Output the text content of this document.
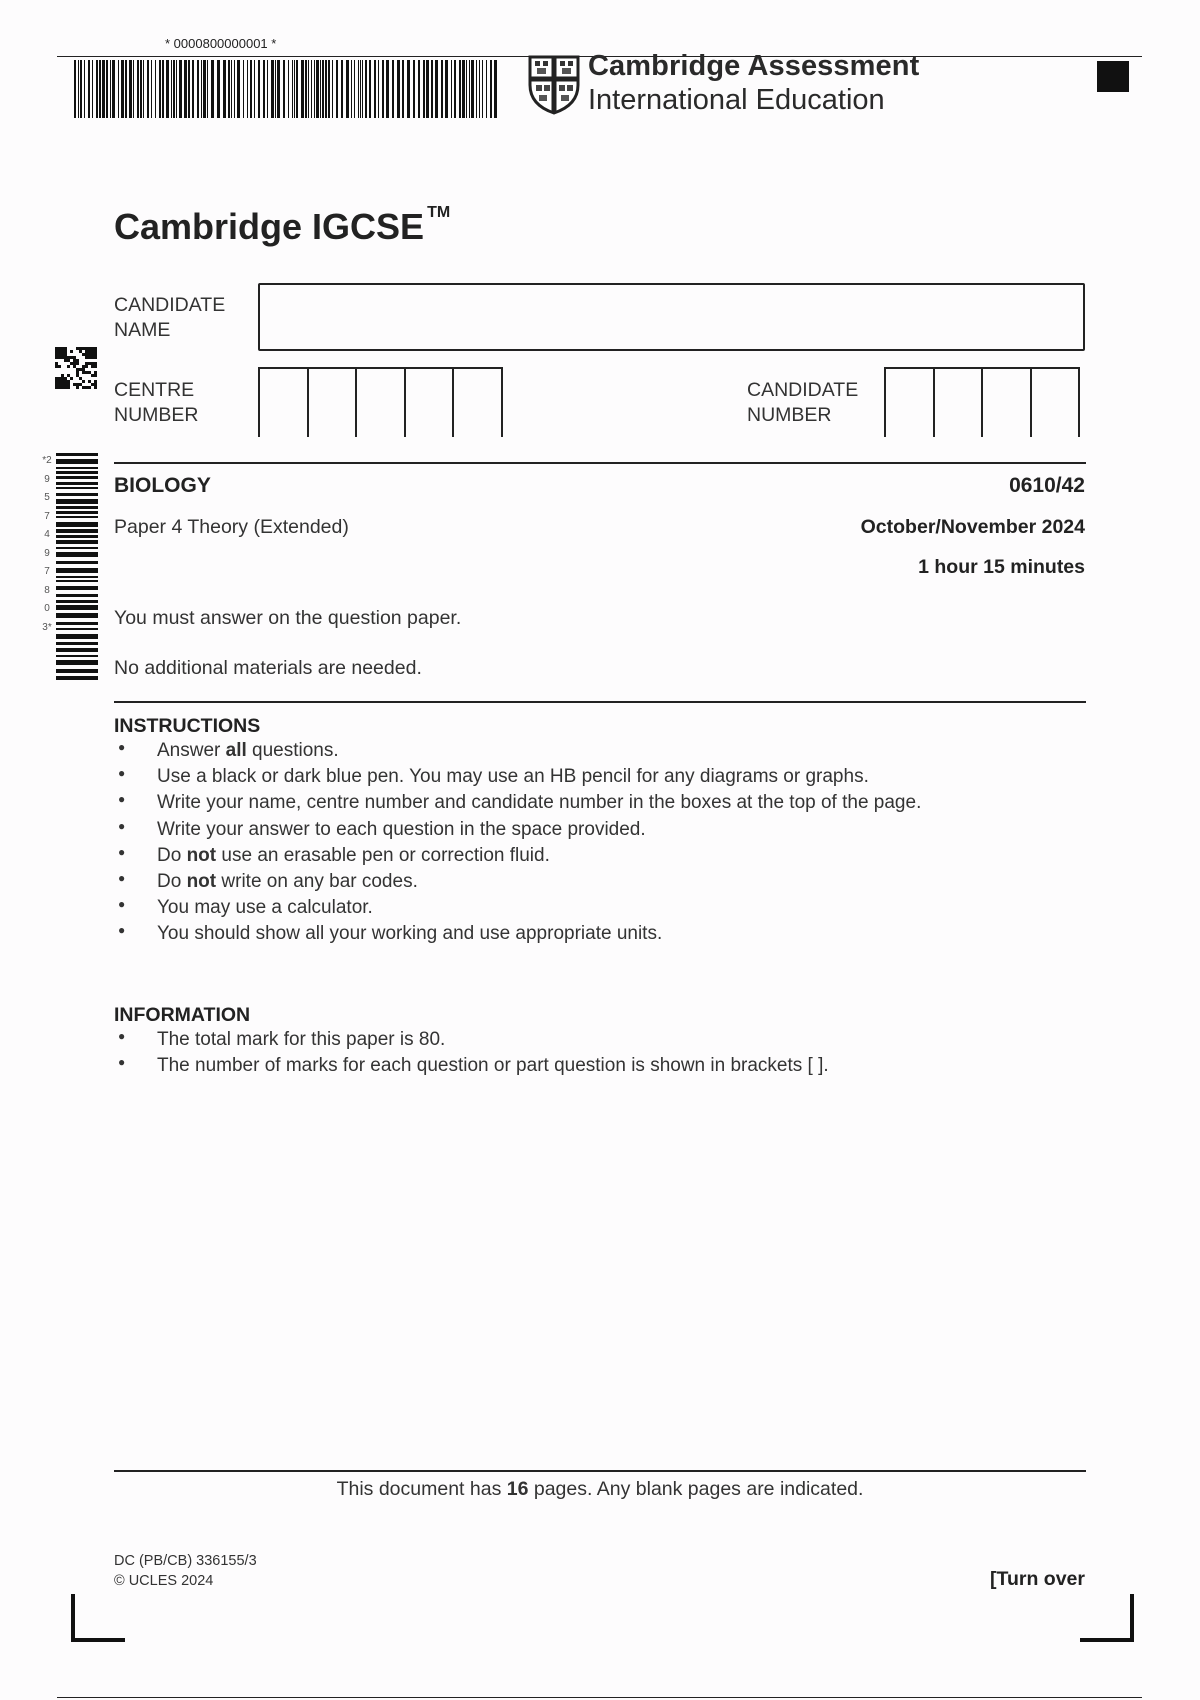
* 0000800000001 *
Cambridge Assessment
International Education
Cambridge IGCSE ™
CANDIDATE
NAME
CENTRE
NUMBER
CANDIDATE
NUMBER
*2957497803*
BIOLOGY	0610/42
Paper 4 Theory (Extended)	October/November 2024
1 hour 15 minutes
You must answer on the question paper.
No additional materials are needed.
INSTRUCTIONS
● Answer all questions.
● Use a black or dark blue pen. You may use an HB pencil for any diagrams or graphs.
● Write your name, centre number and candidate number in the boxes at the top of the page.
● Write your answer to each question in the space provided.
● Do not use an erasable pen or correction fluid.
● Do not write on any bar codes.
● You may use a calculator.
● You should show all your working and use appropriate units.
INFORMATION
● The total mark for this paper is 80.
● The number of marks for each question or part question is shown in brackets [ ].
This document has 16 pages. Any blank pages are indicated.
DC (PB/CB) 336155/3
© UCLES 2024	[Turn over
